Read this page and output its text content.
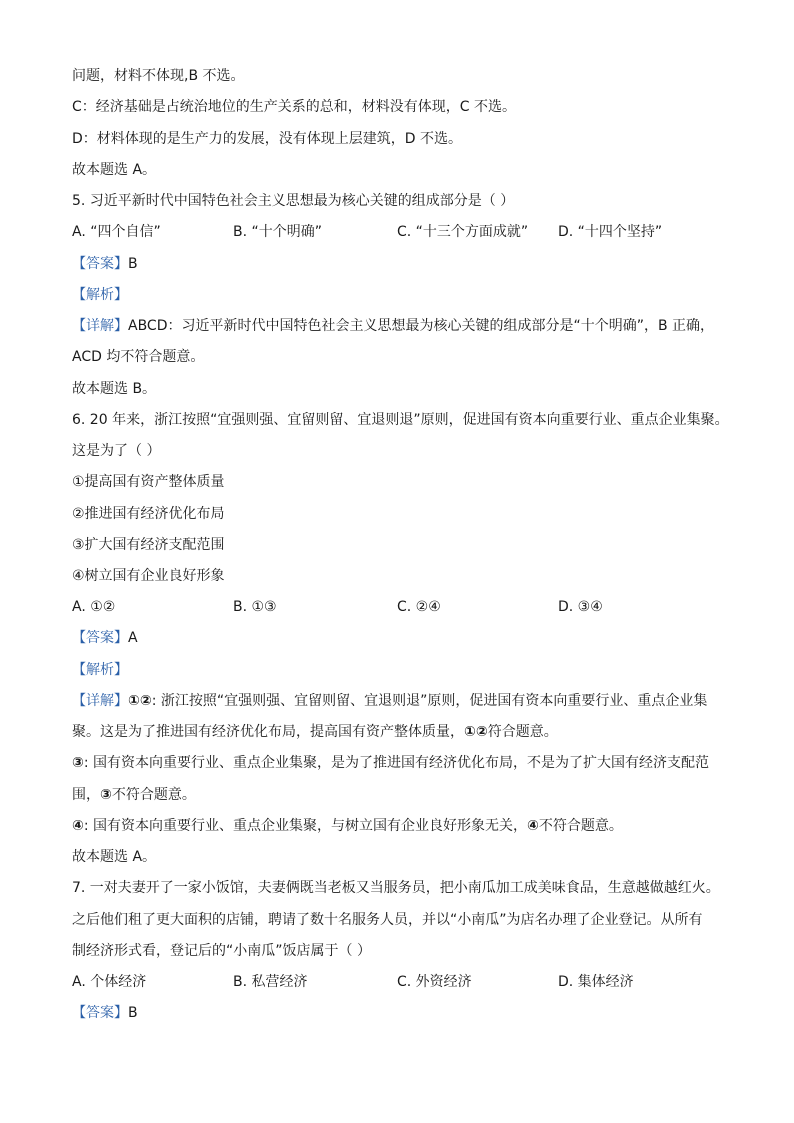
问题，材料不体现,B 不选。
C：经济基础是占统治地位的生产关系的总和，材料没有体现，C 不选。
D：材料体现的是生产力的发展，没有体现上层建筑，D 不选。
故本题选 A。
5. 习近平新时代中国特色社会主义思想最为核心关键的组成部分是（ ）
A. “四个自信”	B. “十个明确”	C. “十三个方面成就” D. “十四个坚持”
【答案】B
【解析】
【详解】ABCD：习近平新时代中国特色社会主义思想最为核心关键的组成部分是“十个明确”，B 正确，
ACD 均不符合题意。
故本题选 B。
6. 20 年来，浙江按照“宜强则强、宜留则留、宜退则退”原则，促进国有资本向重要行业、重点企业集聚。
这是为了（ ）
①提高国有资产整体质量
②推进国有经济优化布局
③扩大国有经济支配范围
④树立国有企业良好形象
A. ①②	B. ①③	C. ②④	D. ③④
【答案】A
【解析】
【详解】①②: 浙江按照“宜强则强、宜留则留、宜退则退”原则，促进国有资本向重要行业、重点企业集
聚。这是为了推进国有经济优化布局，提高国有资产整体质量，①②符合题意。
③: 国有资本向重要行业、重点企业集聚，是为了推进国有经济优化布局，不是为了扩大国有经济支配范
围，③不符合题意。
④: 国有资本向重要行业、重点企业集聚，与树立国有企业良好形象无关，④不符合题意。
故本题选 A。
7. 一对夫妻开了一家小饭馆，夫妻俩既当老板又当服务员，把小南瓜加工成美味食品，生意越做越红火。
之后他们租了更大面积的店铺，聘请了数十名服务人员，并以“小南瓜”为店名办理了企业登记。从所有
制经济形式看，登记后的“小南瓜”饭店属于（ ）
A. 个体经济	B. 私营经济	C. 外资经济	D. 集体经济
【答案】B
